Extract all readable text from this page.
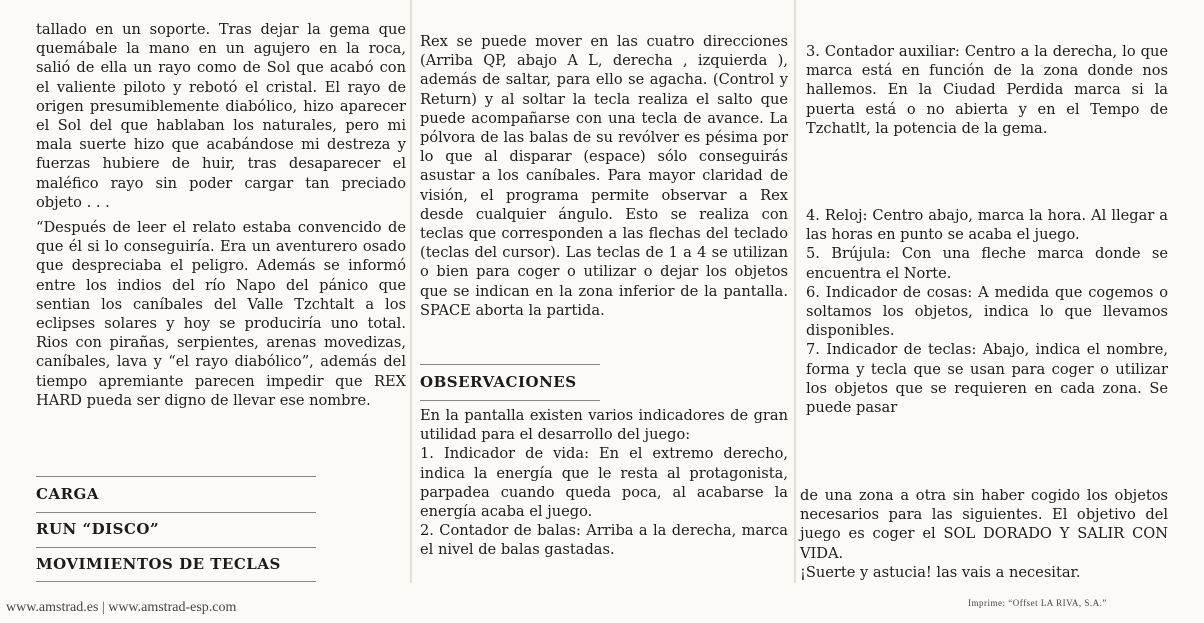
tallado en un soporte. Tras dejar la gema que quemábale la mano en un agujero en la roca, salió de ella un rayo como de Sol que acabó con el valiente piloto y rebotó el cristal. El rayo de origen presumiblemente diabólico, hizo aparecer el Sol del que hablaban los naturales, pero mi mala suerte hizo que acabándose mi destreza y fuerzas hubiere de huir, tras desaparecer el maléfico rayo sin poder cargar tan preciado objeto . . .

“Después de leer el relato estaba convencido de que él si lo conseguiría. Era un aventurero osado que despreciaba el peligro. Además se informó entre los indios del río Napo del pánico que sentian los caníbales del Valle Tzchtalt a los eclipses solares y hoy se produciría uno total. Rios con pirañas, serpientes, arenas movedizas, caníbales, lava y “el rayo diabólico”, además del tiempo apremiante parecen impedir que REX HARD pueda ser digno de llevar ese nombre.

CARGA
RUN “DISCO”
MOVIMIENTOS DE TECLAS

Rex se puede mover en las cuatro direcciones (Arriba QP, abajo A L, derecha , izquierda ), además de saltar, para ello se agacha. (Control y Return) y al soltar la tecla realiza el salto que puede acompañarse con una tecla de avance. La pólvora de las balas de su revólver es pésima por lo que al disparar (espace) sólo conseguirás asustar a los caníbales. Para mayor claridad de visión, el programa permite observar a Rex desde cualquier ángulo. Esto se realiza con teclas que corresponden a las flechas del teclado (teclas del cursor). Las teclas de 1 a 4 se utilizan o bien para coger o utilizar o dejar los objetos que se indican en la zona inferior de la pantalla. SPACE aborta la partida.

OBSERVACIONES

En la pantalla existen varios indicadores de gran utilidad para el desarrollo del juego:

1. Indicador de vida: En el extremo derecho, indica la energía que le resta al protagonista, parpadea cuando queda poca, al acabarse la energía acaba el juego.

2. Contador de balas: Arriba a la derecha, marca el nivel de balas gastadas.

3. Contador auxiliar: Centro a la derecha, lo que marca está en función de la zona donde nos hallemos. En la Ciudad Perdida marca si la puerta está o no abierta y en el Tempo de Tzchatlt, la potencia de la gema.

4. Reloj: Centro abajo, marca la hora. Al llegar a las horas en punto se acaba el juego.

5. Brújula: Con una fleche marca donde se encuentra el Norte.

6. Indicador de cosas: A medida que cogemos o soltamos los objetos, indica lo que llevamos disponibles.

7. Indicador de teclas: Abajo, indica el nombre, forma y tecla que se usan para coger o utilizar los objetos que se requieren en cada zona. Se puede pasar

de una zona a otra sin haber cogido los objetos necesarios para las siguientes. El objetivo del juego es coger el SOL DORADO Y SALIR CON VIDA.

¡Suerte y astucia! las vais a necesitar.

www.amstrad.es | www.amstrad-esp.com	Imprime: “Offset LA RIVA, S.A.”
